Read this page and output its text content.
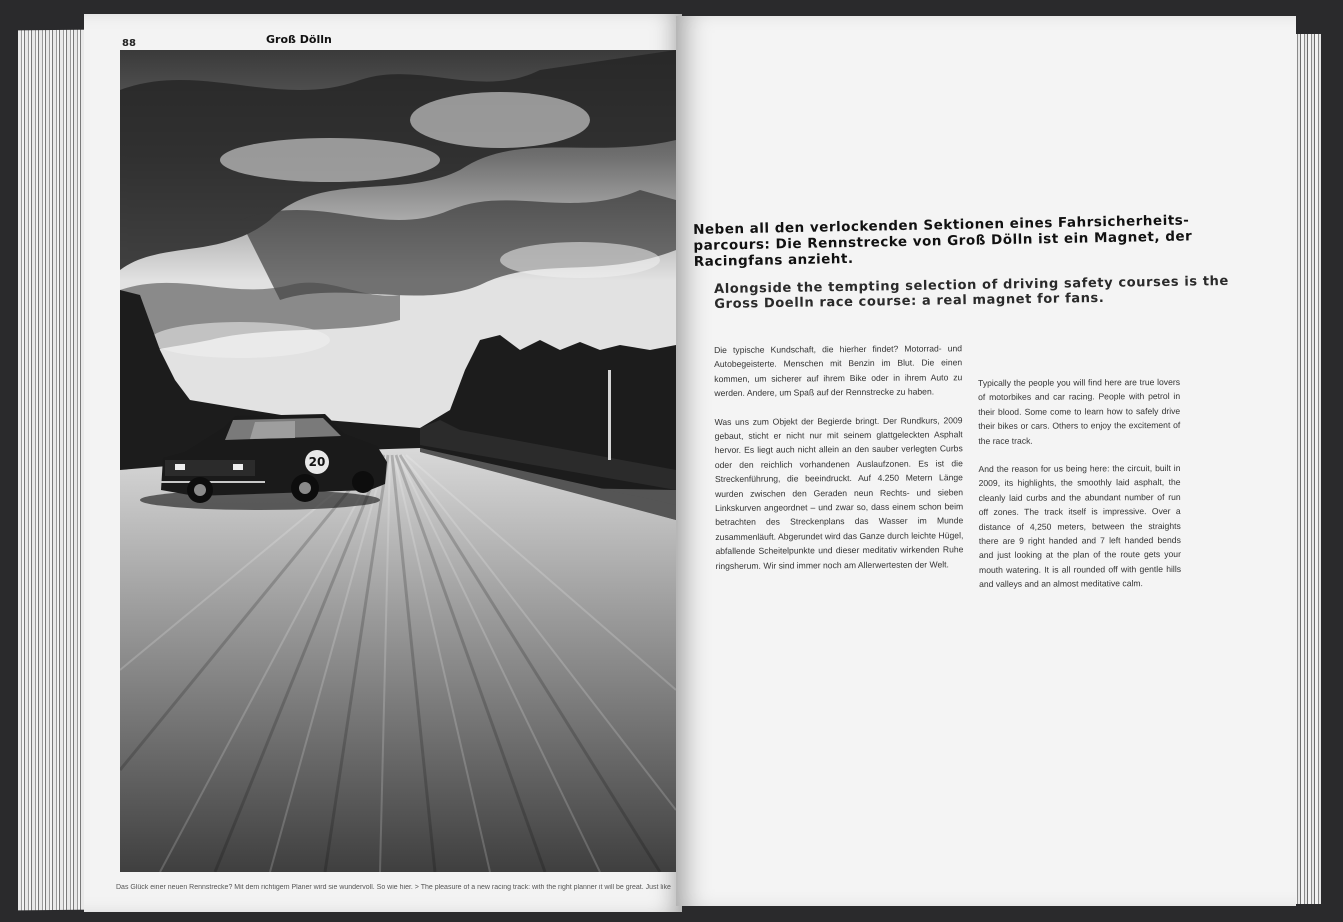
88	Groß Dölln
20
Das Glück einer neuen Rennstrecke? Mit dem richtigem Planer wird sie wundervoll. So wie hier. > The pleasure of a new racing track: with the right planner it will be great. Just like
Neben all den verlockenden Sektionen eines Fahrsicherheits-parcours: Die Rennstrecke von Groß Dölln ist ein Magnet, der Racingfans anzieht.
Alongside the tempting selection of driving safety courses is the Gross Doelln race course: a real magnet for fans.

Die typische Kundschaft, die hierher findet? Motorrad- und Autobegeisterte. Menschen mit Benzin im Blut. Die einen kommen, um sicherer auf ihrem Bike oder in ihrem Auto zu werden. Andere, um Spaß auf der Rennstrecke zu haben.

Was uns zum Objekt der Begierde bringt. Der Rundkurs, 2009 gebaut, sticht er nicht nur mit seinem glattgeleckten Asphalt hervor. Es liegt auch nicht allein an den sauber verlegten Curbs oder den reichlich vorhandenen Auslaufzonen. Es ist die Streckenführung, die beeindruckt. Auf 4.250 Metern Länge wurden zwischen den Geraden neun Rechts- und sieben Linkskurven angeordnet – und zwar so, dass einem schon beim betrachten des Streckenplans das Wasser im Munde zusammenläuft. Abgerundet wird das Ganze durch leichte Hügel, abfallende Scheitelpunkte und dieser meditativ wirkenden Ruhe ringsherum. Wir sind immer noch am Allerwertesten der Welt.

Typically the people you will find here are true lovers of motorbikes and car racing. People with petrol in their blood. Some come to learn how to safely drive their bikes or cars. Others to enjoy the excitement of the race track.

And the reason for us being here: the circuit, built in 2009, its highlights, the smoothly laid asphalt, the cleanly laid curbs and the abundant number of run off zones. The track itself is impressive. Over a distance of 4,250 meters, between the straights there are 9 right handed and 7 left handed bends and just looking at the plan of the route gets your mouth watering. It is all rounded off with gentle hills and valleys and an almost meditative calm.
